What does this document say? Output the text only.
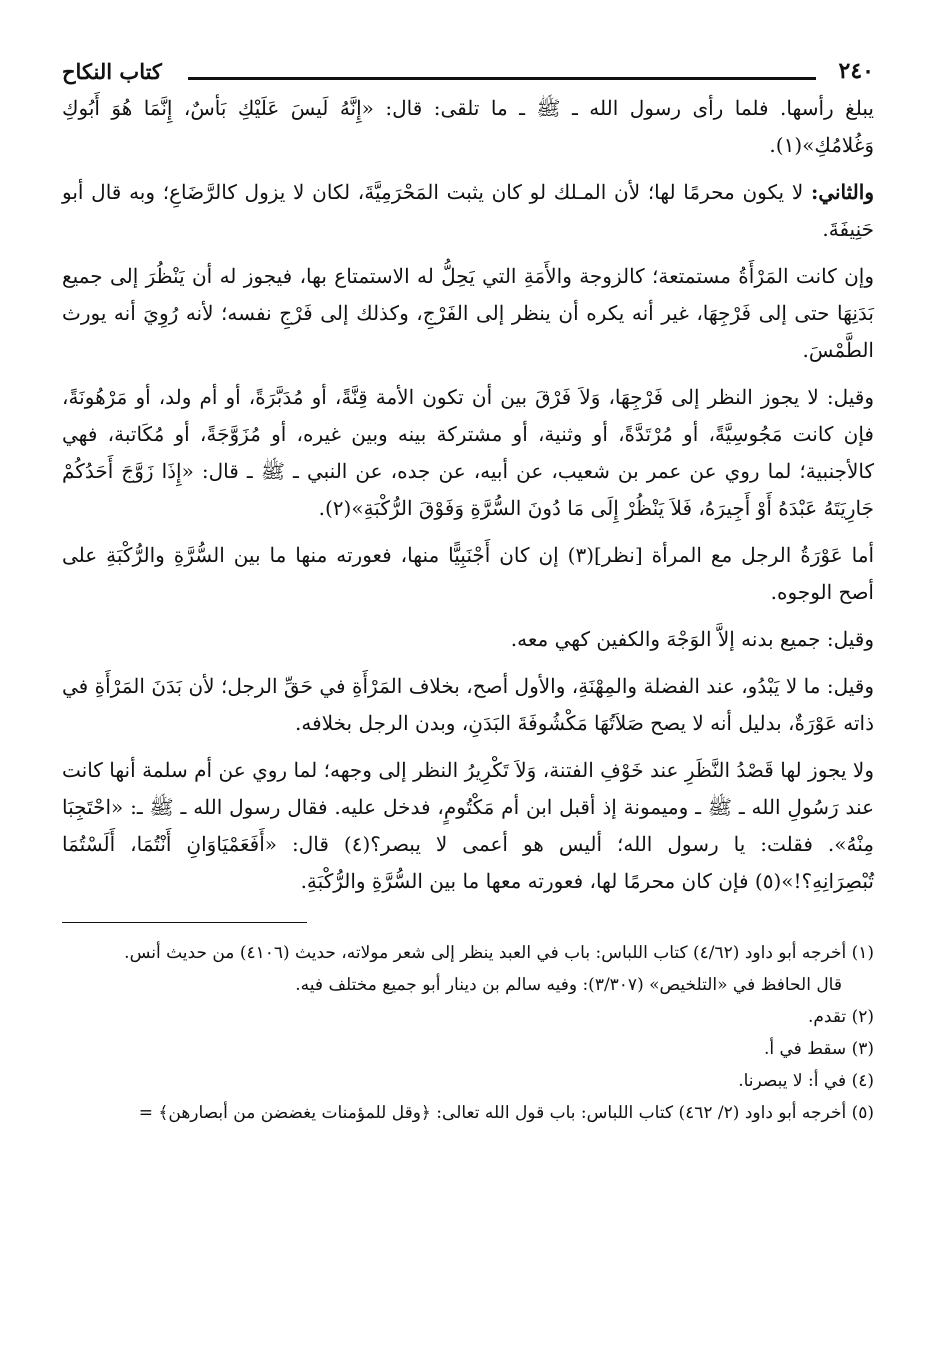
٢٤٠
كتاب النكاح

يبلغ رأسها. فلما رأى رسول الله ـ ﷺ ـ ما تلقى: قال: «إِنَّهُ لَيسَ عَلَيْكِ بَأسٌ، إِنَّمَا هُوَ أَبُوكِ وَغُلامُكِ»(١).

والثاني: لا يكون محرمًا لها؛ لأن المـلك لو كان يثبت المَحْرَمِيَّةَ، لكان لا يزول كالرَّضَاعِ؛ وبه قال أبو حَنِيفَةَ.

وإن كانت المَرْأَةُ مستمتعة؛ كالزوجة والأَمَةِ التي يَحِلُّ له الاستمتاع بها، فيجوز له أن يَنْظُرَ إلى جميع بَدَنِهَا حتى إلى فَرْجِهَا، غير أنه يكره أن ينظر إلى الفَرْجِ، وكذلك إلى فَرْجِ نفسه؛ لأنه رُوِيَ أنه يورث الطَّمْسَ.

وقيل: لا يجوز النظر إلى فَرْجِهَا، وَلاَ فَرْقَ بين أن تكون الأمة قِنَّةً، أو مُدَبَّرَةً، أو أم ولد، أو مَرْهُونَةً، فإن كانت مَجُوسِيَّةً، أو مُرْتَدَّةً، أو وثنية، أو مشتركة بينه وبين غيره، أو مُزَوَّجَةً، أو مُكَاتبة، فهي كالأجنبية؛ لما روي عن عمر بن شعيب، عن أبيه، عن جده، عن النبي ـ ﷺ ـ قال: «إِذَا زَوَّجَ أَحَدُكُمْ جَارِيَتَهُ عَبْدَهُ أَوْ أَجِيرَهُ، فَلاَ يَنْظُرْ إِلَى مَا دُونَ السُّرَّةِ وَفَوْقَ الرُّكْبَةِ»(٢).

أما عَوْرَةُ الرجل مع المرأة [نظر](٣) إن كان أَجْنَبِيًّا منها، فعورته منها ما بين السُّرَّةِ والرُّكْبَةِ على أصح الوجوه.

وقيل: جميع بدنه إلاَّ الوَجْهَ والكفين كهي معه.

وقيل: ما لا يَبْدُو، عند الفضلة والمِهْنَةِ، والأول أصح، بخلاف المَرْأَةِ في حَقِّ الرجل؛ لأن بَدَنَ المَرْأَةِ في ذاته عَوْرَةٌ، بدليل أنه لا يصح صَلاَتُهَا مَكْشُوفَةَ البَدَنِ، وبدن الرجل بخلافه.

ولا يجوز لها قَصْدُ النَّظَرِ عند خَوْفِ الفتنة، وَلاَ تَكْرِيرُ النظر إلى وجهه؛ لما روي عن أم سلمة أنها كانت عند رَسُولِ الله ـ ﷺ ـ وميمونة إذ أقبل ابن أم مَكْتُومٍ، فدخل عليه. فقال رسول الله ـ ﷺ ـ: «احْتَجِبَا مِنْهُ». فقلت: يا رسول الله؛ أليس هو أعمى لا يبصر؟(٤) قال: «أَفَعَمْيَاوَانِ أَنْتُمَا، أَلَسْتُمَا تُبْصِرَانِهِ؟!»(٥) فإن كان محرمًا لها، فعورته معها ما بين السُّرَّةِ والرُّكْبَةِ.

(١) أخرجه أبو داود (٤/٦٢) كتاب اللباس: باب في العبد ينظر إلى شعر مولاته، حديث (٤١٠٦) من حديث أنس.

قال الحافظ في «التلخيص» (٣/٣٠٧): وفيه سالم بن دينار أبو جميع مختلف فيه.

(٢) تقدم.

(٣) سقط في أ.

(٤) في أ: لا يبصرنا.

(٥) أخرجه أبو داود (٢/ ٤٦٢) كتاب اللباس: باب قول الله تعالى: ﴿وقل للمؤمنات يغضضن من أبصارهن﴾ =
